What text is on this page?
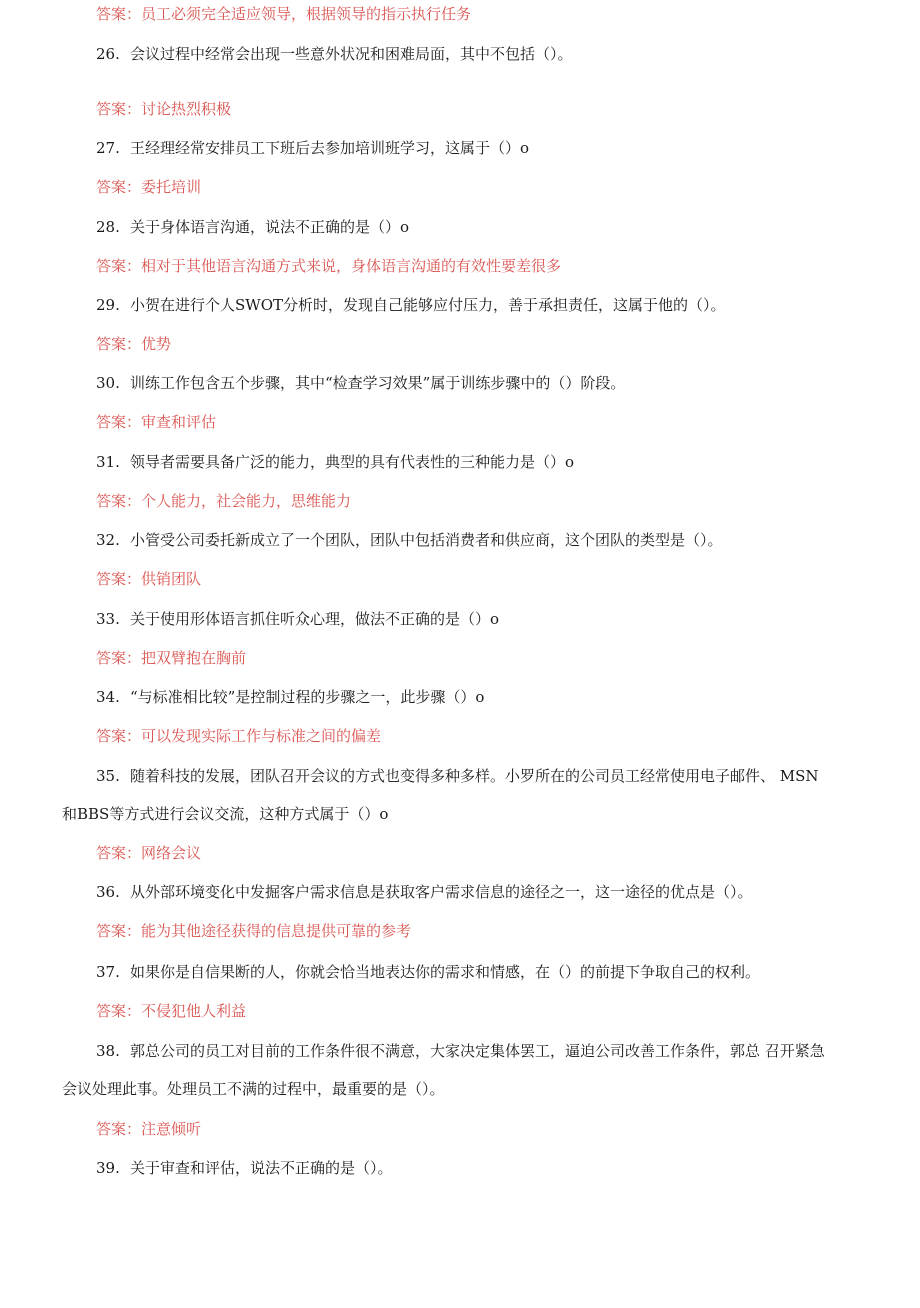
答案：员工必须完全适应领导，根据领导的指示执行任务
26. 会议过程中经常会出现一些意外状况和困难局面，其中不包括（）。
答案：讨论热烈积极
27. 王经理经常安排员工下班后去参加培训班学习，这属于（）o
答案：委托培训
28. 关于身体语言沟通，说法不正确的是（）o
答案：相对于其他语言沟通方式来说，身体语言沟通的有效性要差很多
29. 小贺在进行个人SWOT分析时，发现自己能够应付压力，善于承担责任，这属于他的（）。
答案：优势
30. 训练工作包含五个步骤，其中“检查学习效果”属于训练步骤中的（）阶段。
答案：审查和评估
31. 领导者需要具备广泛的能力，典型的具有代表性的三种能力是（）o
答案：个人能力，社会能力，思维能力
32. 小管受公司委托新成立了一个团队，团队中包括消费者和供应商，这个团队的类型是（）。
答案：供销团队
33. 关于使用形体语言抓住听众心理，做法不正确的是（）o
答案：把双臂抱在胸前
34. “与标准相比较”是控制过程的步骤之一，此步骤（）o
答案：可以发现实际工作与标准之间的偏差
35. 随着科技的发展，团队召开会议的方式也变得多种多样。小罗所在的公司员工经常使用电子邮件、 MSN
和BBS等方式进行会议交流，这种方式属于（）o
答案：网络会议
36. 从外部环境变化中发掘客户需求信息是获取客户需求信息的途径之一，这一途径的优点是（）。
答案：能为其他途径获得的信息提供可靠的参考
37. 如果你是自信果断的人，你就会恰当地表达你的需求和情感，在（）的前提下争取自己的权利。
答案：不侵犯他人利益
38. 郭总公司的员工对目前的工作条件很不满意，大家决定集体罢工，逼迫公司改善工作条件，郭总 召开紧急
会议处理此事。处理员工不满的过程中，最重要的是（）。
答案：注意倾听
39. 关于审查和评估，说法不正确的是（）。
